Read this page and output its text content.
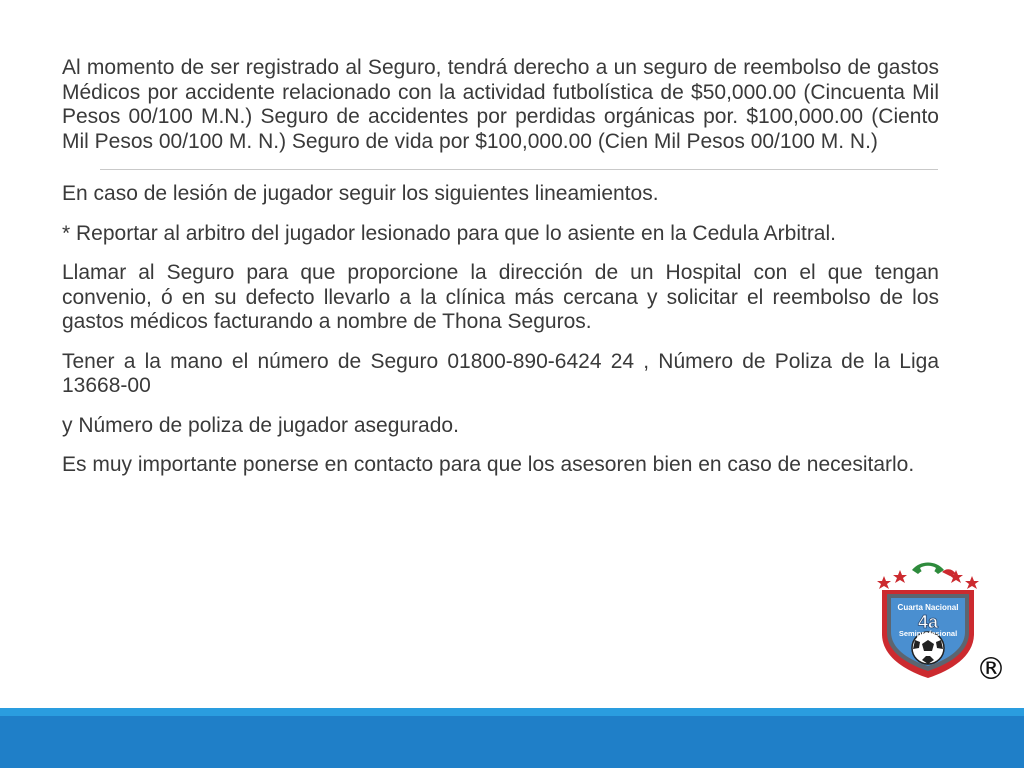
Al momento de ser registrado al Seguro, tendrá derecho a un seguro de reembolso de gastos Médicos por accidente relacionado con la actividad futbolística de $50,000.00 (Cincuenta Mil Pesos 00/100 M.N.) Seguro de accidentes por perdidas orgánicas por. $100,000.00 (Ciento Mil Pesos 00/100 M. N.) Seguro de vida por $100,000.00 (Cien Mil Pesos 00/100 M. N.)

En caso de lesión de jugador seguir los siguientes lineamientos.

* Reportar al arbitro del jugador lesionado para que lo asiente en la Cedula Arbitral.

Llamar al Seguro para que proporcione la dirección de un Hospital con el que tengan convenio, ó en su defecto llevarlo a la clínica más cercana y solicitar el reembolso de los gastos médicos facturando a nombre de Thona Seguros.

Tener a la mano el número de Seguro 01800-890-6424 24 , Número de Poliza de la Liga 13668-00

y Número de poliza de jugador asegurado.

Es muy importante ponerse en contacto para que los asesoren bien en caso de necesitarlo.

Cuarta Nacional
4a
Semiprofesional
®
